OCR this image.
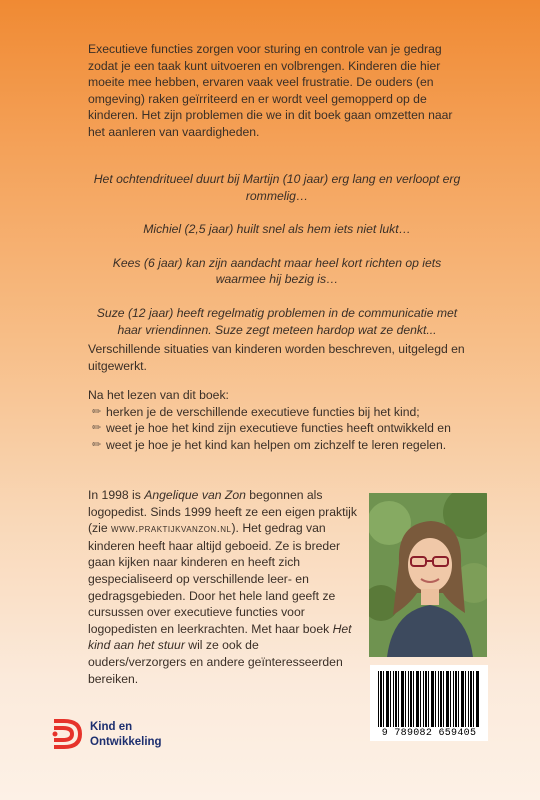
Executieve functies zorgen voor sturing en controle van je gedrag zodat je een taak kunt uitvoeren en volbrengen. Kinderen die hier moeite mee hebben, ervaren vaak veel frustratie. De ouders (en omgeving) raken geïrriteerd en er wordt veel gemopperd op de kinderen. Het zijn problemen die we in dit boek gaan omzetten naar het aanleren van vaardigheden.

Het ochtendritueel duurt bij Martijn (10 jaar) erg lang en verloopt erg rommelig…

Michiel (2,5 jaar) huilt snel als hem iets niet lukt…

Kees (6 jaar) kan zijn aandacht maar heel kort richten op iets waarmee hij bezig is…

Suze (12 jaar) heeft regelmatig problemen in de communicatie met haar vriendinnen. Suze zegt meteen hardop wat ze denkt...

Verschillende situaties van kinderen worden beschreven, uitgelegd en uitgewerkt.
Na het lezen van dit boek:
✏ herken je de verschillende executieve functies bij het kind;
✏ weet je hoe het kind zijn executieve functies heeft ontwikkeld en
✏ weet je hoe je het kind kan helpen om zichzelf te leren regelen.
In 1998 is Angelique van Zon begonnen als logopedist. Sinds 1999 heeft ze een eigen praktijk (zie www.praktijkvanzon.nl). Het gedrag van kinderen heeft haar altijd geboeid. Ze is breder gaan kijken naar kinderen en heeft zich gespecialiseerd op verschillende leer- en gedragsgebieden. Door het hele land geeft ze cursussen over executieve functies voor logopedisten en leerkrachten. Met haar boek Het kind aan het stuur wil ze ook de ouders/verzorgers en andere geïnteresseerden bereiken.
9 789082 659405
Kind en
Ontwikkeling
